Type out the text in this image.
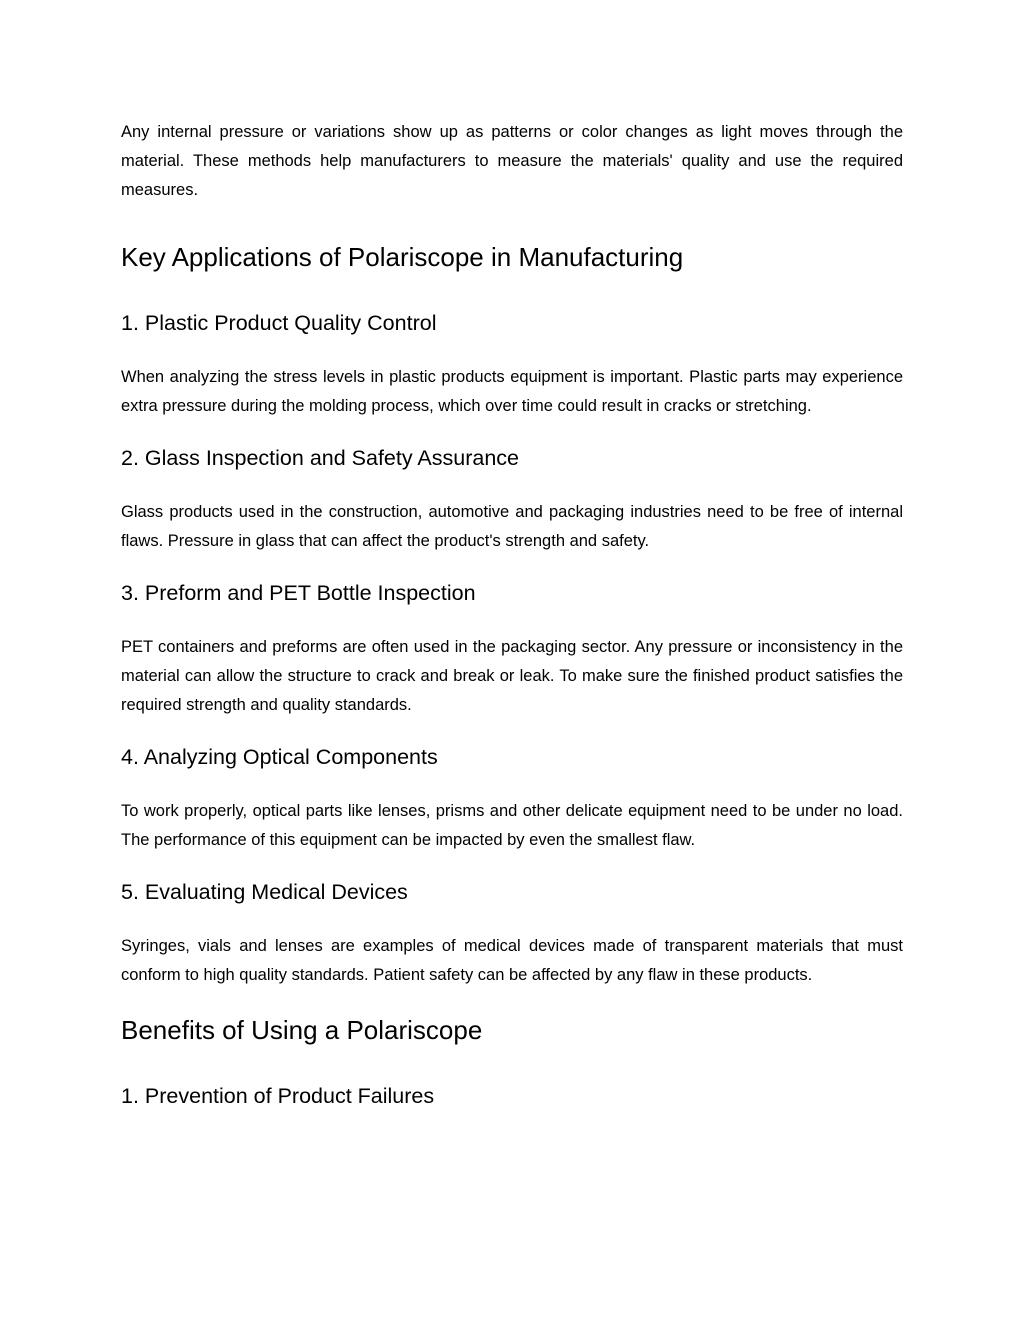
Any internal pressure or variations show up as patterns or color changes as light moves through the material. These methods help manufacturers to measure the materials' quality and use the required measures.

Key Applications of Polariscope in Manufacturing
1. Plastic Product Quality Control

When analyzing the stress levels in plastic products equipment is important. Plastic parts may experience extra pressure during the molding process, which over time could result in cracks or stretching.

2. Glass Inspection and Safety Assurance

Glass products used in the construction, automotive and packaging industries need to be free of internal flaws. Pressure in glass that can affect the product's strength and safety.

3. Preform and PET Bottle Inspection

PET containers and preforms are often used in the packaging sector. Any pressure or inconsistency in the material can allow the structure to crack and break or leak. To make sure the finished product satisfies the required strength and quality standards.

4. Analyzing Optical Components

To work properly, optical parts like lenses, prisms and other delicate equipment need to be under no load. The performance of this equipment can be impacted by even the smallest flaw.

5. Evaluating Medical Devices

Syringes, vials and lenses are examples of medical devices made of transparent materials that must conform to high quality standards. Patient safety can be affected by any flaw in these products.

Benefits of Using a Polariscope
1. Prevention of Product Failures
